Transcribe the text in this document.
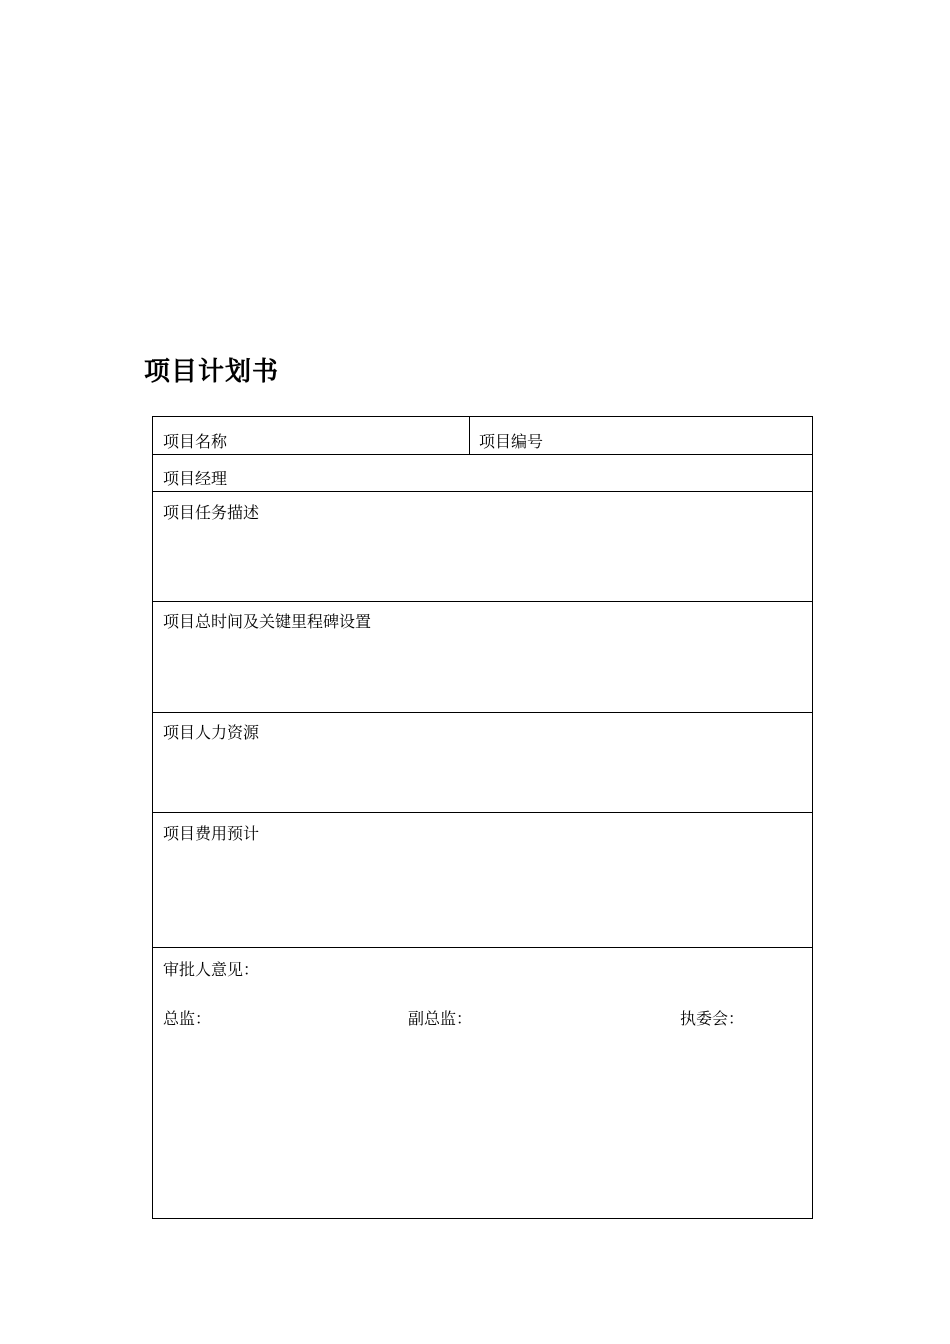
项目计划书
项目名称	项目编号
项目经理
项目任务描述
项目总时间及关键里程碑设置
项目人力资源
项目费用预计
审批人意见：
总监：	副总监：	执委会：
